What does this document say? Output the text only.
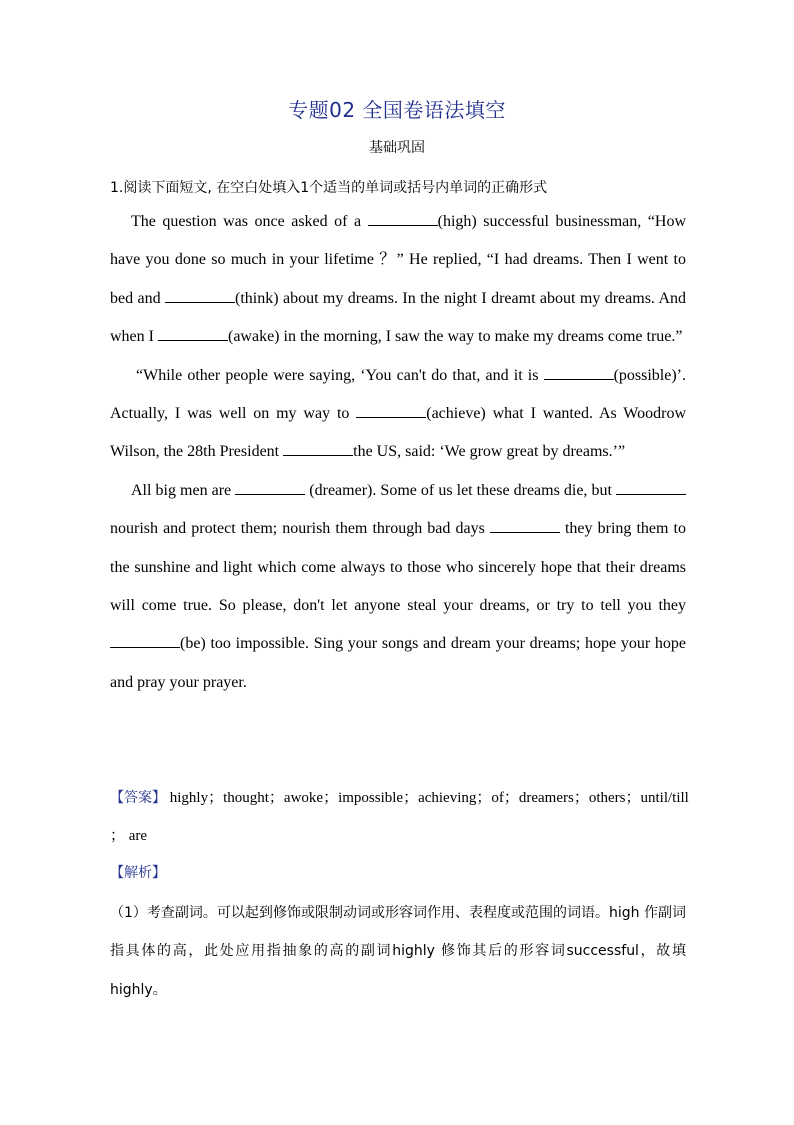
专题02 全国卷语法填空
基础巩固
1.阅读下面短文, 在空白处填入1个适当的单词或括号内单词的正确形式

The question was once asked of a	(high) successful businessman, “How have you done so much in your lifetime ？” He replied, “I had dreams. Then I went to bed and	(think) about my dreams. In the night I dreamt about my dreams. And when I	(awake) in the morning, I saw the way to make my dreams come true.”

“While other people were saying, ‘You can't do that, and it is	(possible)’. Actually, I was well on my way to	(achieve) what I wanted. As Woodrow Wilson, the 28th President	the US, said: ‘We grow great by dreams.’”

All big men are	(dreamer). Some of us let these dreams die, but  nourish and protect them; nourish them through bad days	they bring them to the sunshine and light which come always to those who sincerely hope that their dreams will come true. So please, don't let anyone steal your dreams, or try to tell you they (be) too impossible. Sing your songs and dream your dreams; hope your hope and pray your prayer.

【答案】 highly；thought；awoke；impossible；achieving；of；dreamers；others；until/till ； are
【解析】
（1）考查副词。可以起到修饰或限制动词或形容词作用、表程度或范围的词语。high 作副词指具体的高，此处应用指抽象的高的副词highly 修饰其后的形容词successful，故填highly。
